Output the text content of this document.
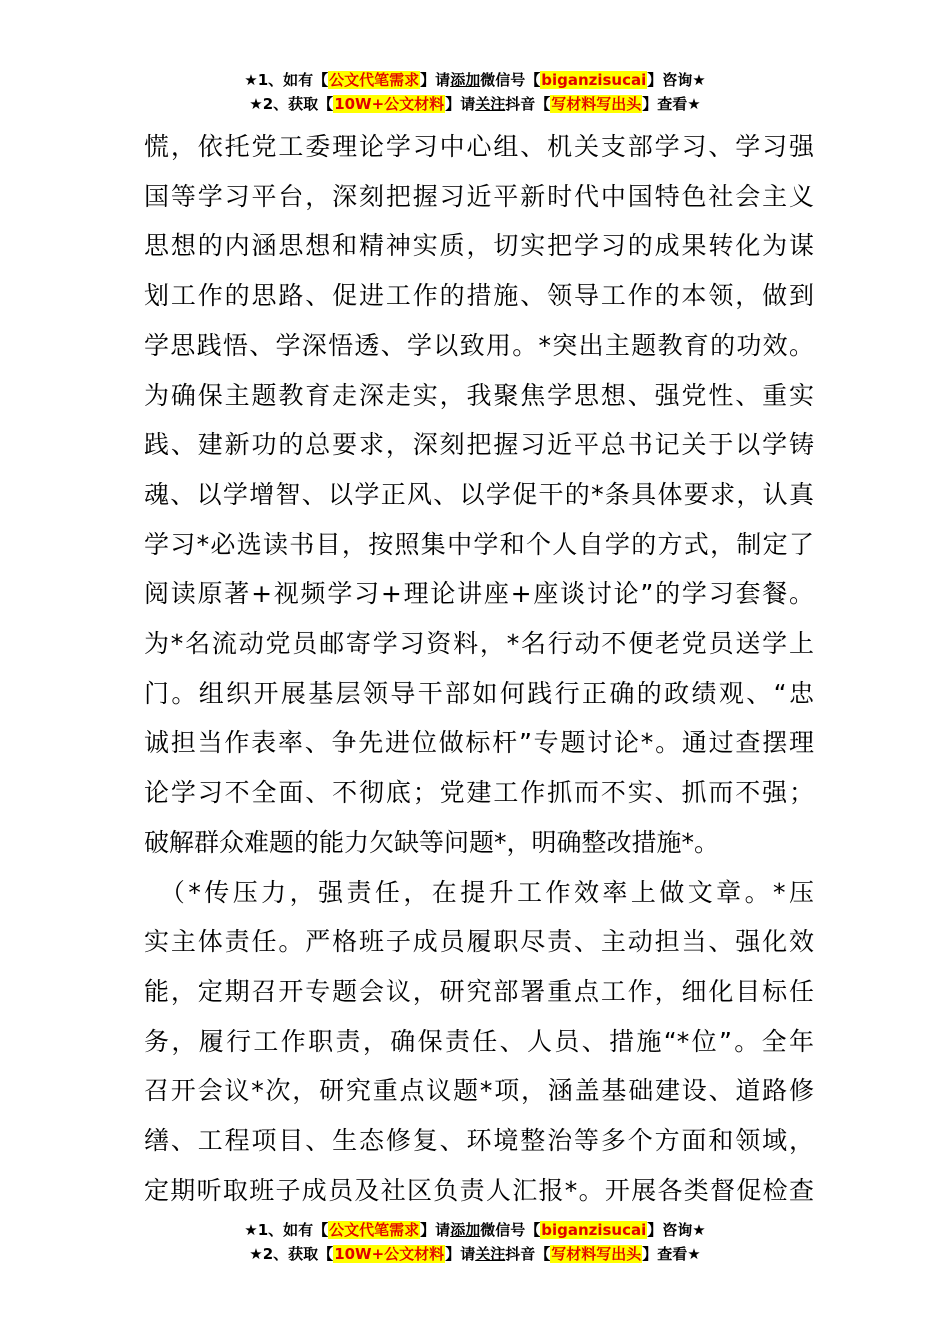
★1、如有【公文代笔需求】请添加微信号【biganzisucai】咨询★
★2、获取【10W+公文材料】请关注抖音【写材料写出头】查看★
慌，依托党工委理论学习中心组、机关支部学习、学习强
国等学习平台，深刻把握习近平新时代中国特色社会主义
思想的内涵思想和精神实质，切实把学习的成果转化为谋
划工作的思路、促进工作的措施、领导工作的本领，做到
学思践悟、学深悟透、学以致用。*突出主题教育的功效。
为确保主题教育走深走实，我聚焦学思想、强党性、重实
践、建新功的总要求，深刻把握习近平总书记关于以学铸
魂、以学增智、以学正风、以学促干的*条具体要求，认真
学习*必选读书目，按照集中学和个人自学的方式，制定了
阅读原著+视频学习+理论讲座+座谈讨论”的学习套餐。
为*名流动党员邮寄学习资料，*名行动不便老党员送学上
门。组织开展基层领导干部如何践行正确的政绩观、“忠
诚担当作表率、争先进位做标杆”专题讨论*。通过查摆理
论学习不全面、不彻底；党建工作抓而不实、抓而不强；
破解群众难题的能力欠缺等问题*，明确整改措施*。
　（*传压力，强责任，在提升工作效率上做文章。*压
实主体责任。严格班子成员履职尽责、主动担当、强化效
能，定期召开专题会议，研究部署重点工作，细化目标任
务，履行工作职责，确保责任、人员、措施“*位”。全年
召开会议*次，研究重点议题*项，涵盖基础建设、道路修
缮、工程项目、生态修复、环境整治等多个方面和领域，
定期听取班子成员及社区负责人汇报*。开展各类督促检查
★1、如有【公文代笔需求】请添加微信号【biganzisucai】咨询★
★2、获取【10W+公文材料】请关注抖音【写材料写出头】查看★
